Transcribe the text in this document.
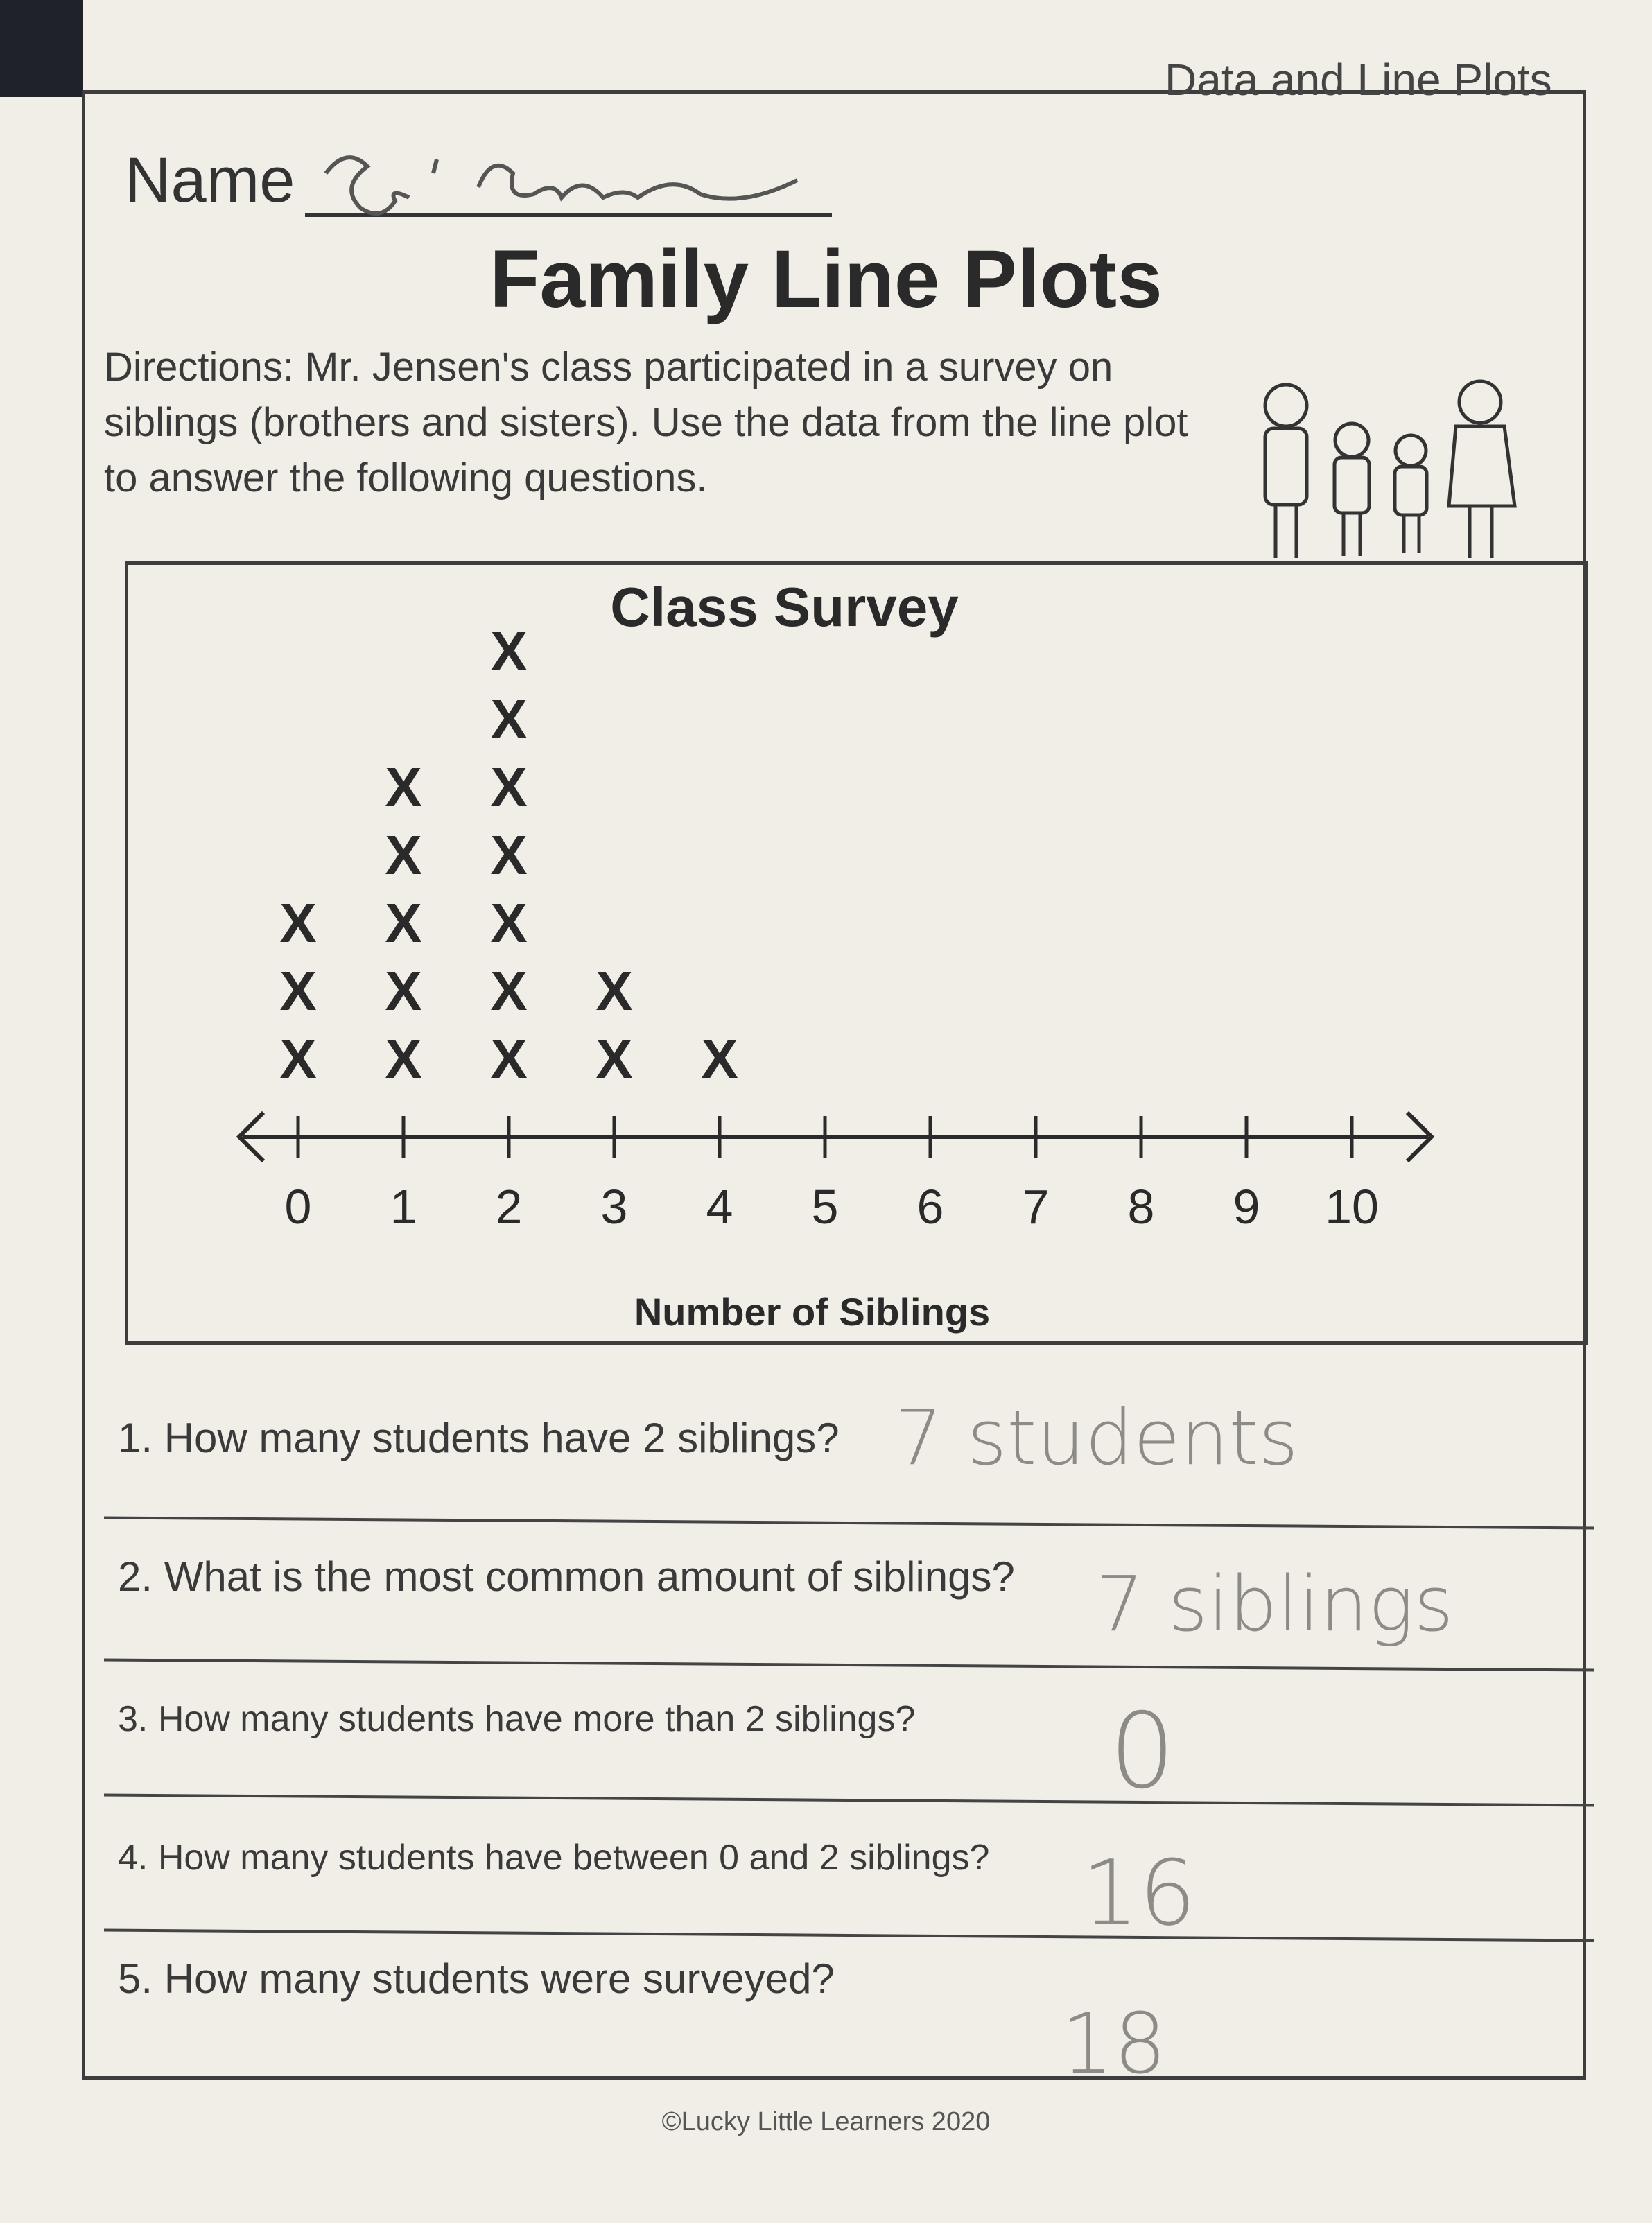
Data and Line Plots
Name
Family Line Plots
Directions: Mr. Jensen's class participated in a survey on siblings (brothers and sisters). Use the data from the line plot to answer the following questions.
Class Survey
0 1 2 3 4 5 6 7 8 9 10
X
X
X
X
X
X
X
X
X
X
X
X
X
X
X
X
X
X
Number of Siblings
1. How many students have 2 siblings? 7 students
2. What is the most common amount of siblings? 7 siblings
3. How many students have more than 2 siblings? 0
4. How many students have between 0 and 2 siblings? 16
5. How many students were surveyed?
18
©Lucky Little Learners 2020
